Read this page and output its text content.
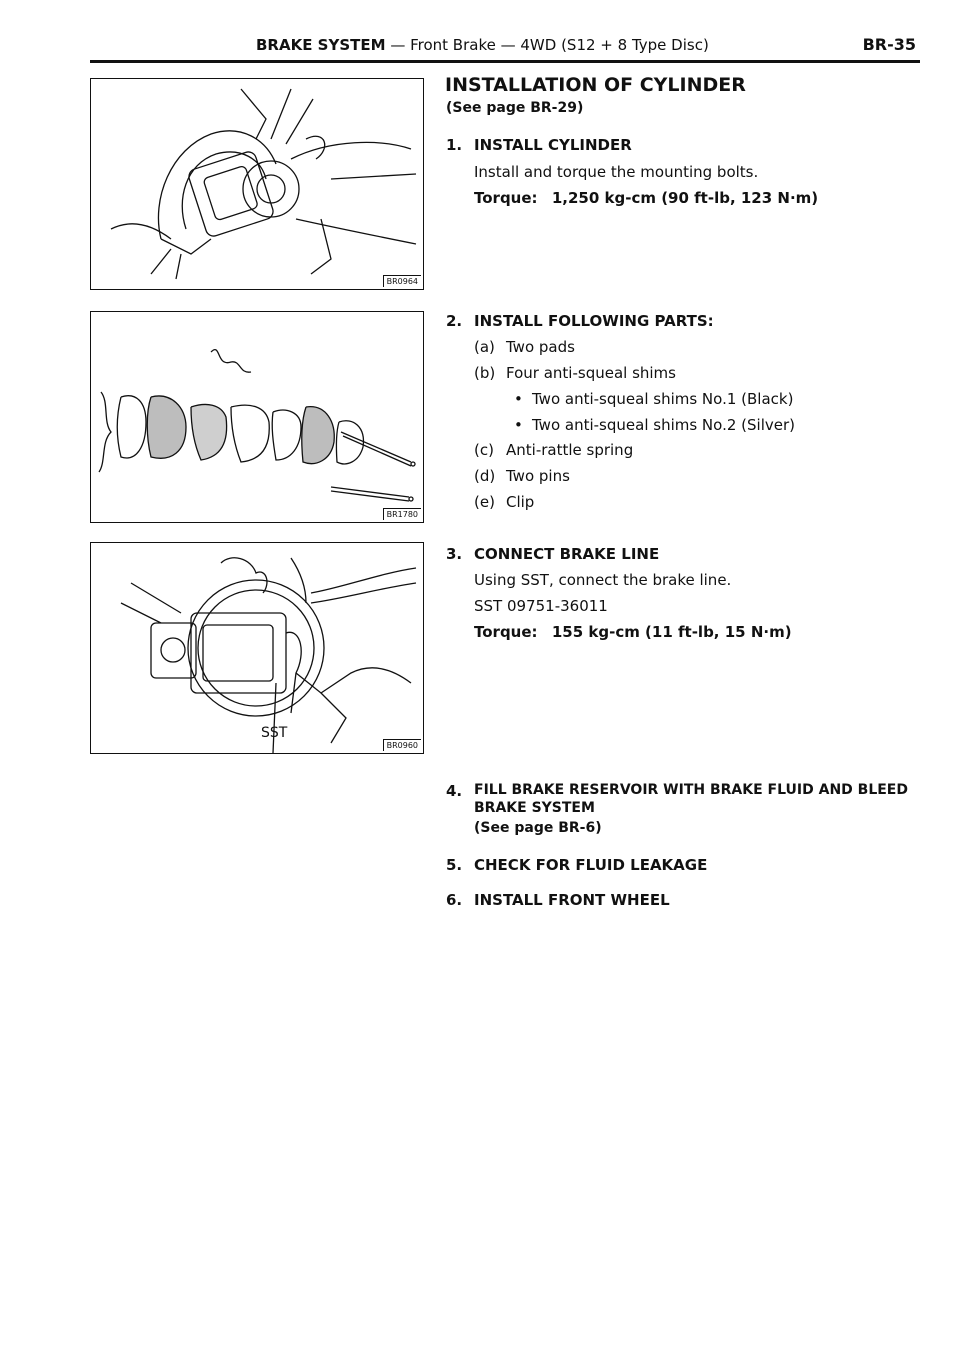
BRAKE SYSTEM — Front Brake — 4WD (S12 + 8 Type Disc)	BR-35
BR0964
BR1780
SST
BR0960
INSTALLATION OF CYLINDER
(See page BR-29)
1. INSTALL CYLINDER
Install and torque the mounting bolts.
Torque: 1,250 kg-cm (90 ft-lb, 123 N·m)
2. INSTALL FOLLOWING PARTS:
(a) Two pads
(b) Four anti-squeal shims
• Two anti-squeal shims No.1 (Black)
• Two anti-squeal shims No.2 (Silver)
(c) Anti-rattle spring
(d) Two pins
(e) Clip
3. CONNECT BRAKE LINE
Using SST, connect the brake line.
SST 09751-36011
Torque: 155 kg-cm (11 ft-lb, 15 N·m)
4. FILL BRAKE RESERVOIR WITH BRAKE FLUID AND BLEED
BRAKE SYSTEM
(See page BR-6)
5. CHECK FOR FLUID LEAKAGE
6. INSTALL FRONT WHEEL
